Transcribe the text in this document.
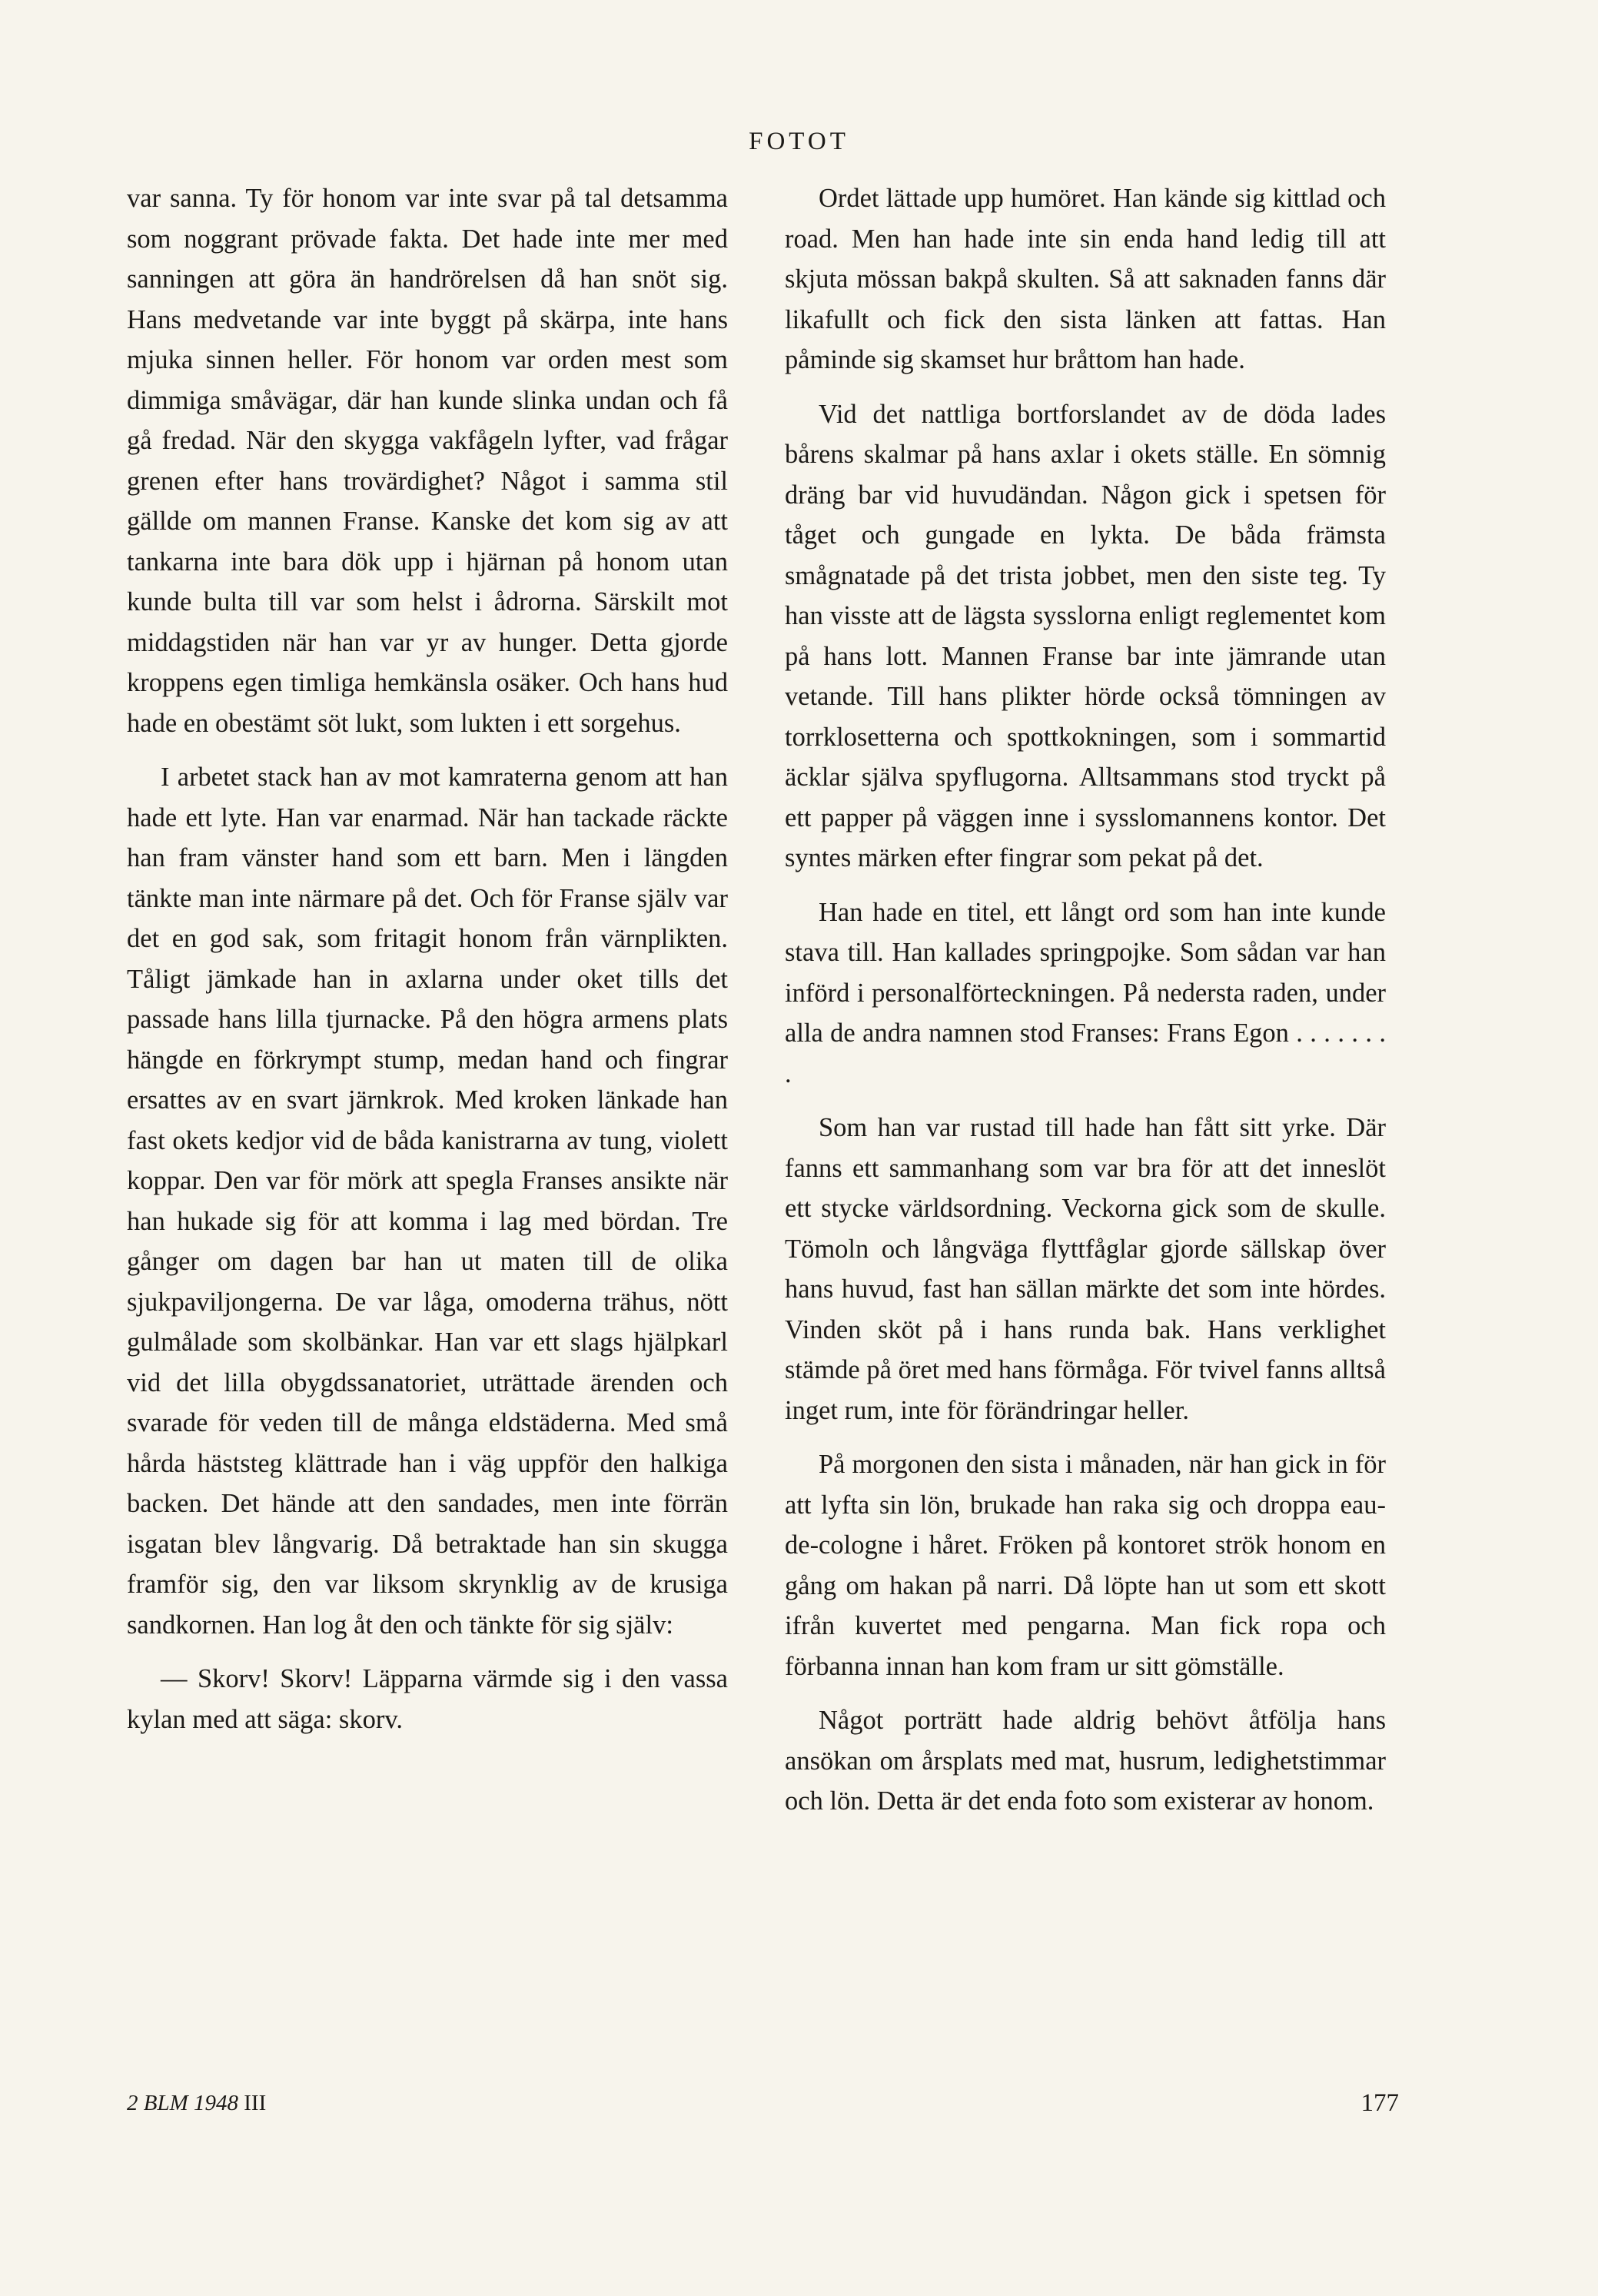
FOTOT

var sanna. Ty för honom var inte svar på tal detsamma som noggrant prövade fakta. Det hade inte mer med sanningen att göra än handrörelsen då han snöt sig. Hans medvetande var inte byggt på skärpa, inte hans mjuka sinnen heller. För honom var orden mest som dimmiga småvägar, där han kunde slinka undan och få gå fredad. När den skygga vakfågeln lyfter, vad frågar grenen efter hans trovärdighet? Något i samma stil gällde om mannen Franse. Kanske det kom sig av att tankarna inte bara dök upp i hjärnan på honom utan kunde bulta till var som helst i ådrorna. Särskilt mot middagstiden när han var yr av hunger. Detta gjorde kroppens egen timliga hemkänsla osäker. Och hans hud hade en obestämt söt lukt, som lukten i ett sorgehus.

I arbetet stack han av mot kamraterna genom att han hade ett lyte. Han var enarmad. När han tackade räckte han fram vänster hand som ett barn. Men i längden tänkte man inte närmare på det. Och för Franse själv var det en god sak, som fritagit honom från värnplikten. Tåligt jämkade han in axlarna under oket tills det passade hans lilla tjurnacke. På den högra armens plats hängde en förkrympt stump, medan hand och fingrar ersattes av en svart järnkrok. Med kroken länkade han fast okets kedjor vid de båda kanistrarna av tung, violett koppar. Den var för mörk att spegla Franses ansikte när han hukade sig för att komma i lag med bördan. Tre gånger om dagen bar han ut maten till de olika sjukpaviljongerna. De var låga, omoderna trähus, nött gulmålade som skolbänkar. Han var ett slags hjälpkarl vid det lilla obygdssanatoriet, uträttade ärenden och svarade för veden till de många eldstäderna. Med små hårda häststeg klättrade han i väg uppför den halkiga backen. Det hände att den sandades, men inte förrän isgatan blev långvarig. Då betraktade han sin skugga framför sig, den var liksom skrynklig av de krusiga sandkornen. Han log åt den och tänkte för sig själv:

— Skorv! Skorv! Läpparna värmde sig i den vassa kylan med att säga: skorv.

Ordet lättade upp humöret. Han kände sig kittlad och road. Men han hade inte sin enda hand ledig till att skjuta mössan bakpå skulten. Så att saknaden fanns där likafullt och fick den sista länken att fattas. Han påminde sig skamset hur bråttom han hade.

Vid det nattliga bortforslandet av de döda lades bårens skalmar på hans axlar i okets ställe. En sömnig dräng bar vid huvudändan. Någon gick i spetsen för tåget och gungade en lykta. De båda främsta smågnatade på det trista jobbet, men den siste teg. Ty han visste att de lägsta sysslorna enligt reglementet kom på hans lott. Mannen Franse bar inte jämrande utan vetande. Till hans plikter hörde också tömningen av torrklosetterna och spottkokningen, som i sommartid äcklar själva spyflugorna. Alltsammans stod tryckt på ett papper på väggen inne i sysslomannens kontor. Det syntes märken efter fingrar som pekat på det.

Han hade en titel, ett långt ord som han inte kunde stava till. Han kallades springpojke. Som sådan var han införd i personalförteckningen. På nedersta raden, under alla de andra namnen stod Franses: Frans Egon . . . . . . . .

Som han var rustad till hade han fått sitt yrke. Där fanns ett sammanhang som var bra för att det inneslöt ett stycke världsordning. Veckorna gick som de skulle. Tömoln och långväga flyttfåglar gjorde sällskap över hans huvud, fast han sällan märkte det som inte hördes. Vinden sköt på i hans runda bak. Hans verklighet stämde på öret med hans förmåga. För tvivel fanns alltså inget rum, inte för förändringar heller.

På morgonen den sista i månaden, när han gick in för att lyfta sin lön, brukade han raka sig och droppa eau-de-cologne i håret. Fröken på kontoret strök honom en gång om hakan på narri. Då löpte han ut som ett skott ifrån kuvertet med pengarna. Man fick ropa och förbanna innan han kom fram ur sitt gömställe.

Något porträtt hade aldrig behövt åtfölja hans ansökan om årsplats med mat, husrum, ledighetstimmar och lön. Detta är det enda foto som existerar av honom.

2 BLM 1948 III	177
